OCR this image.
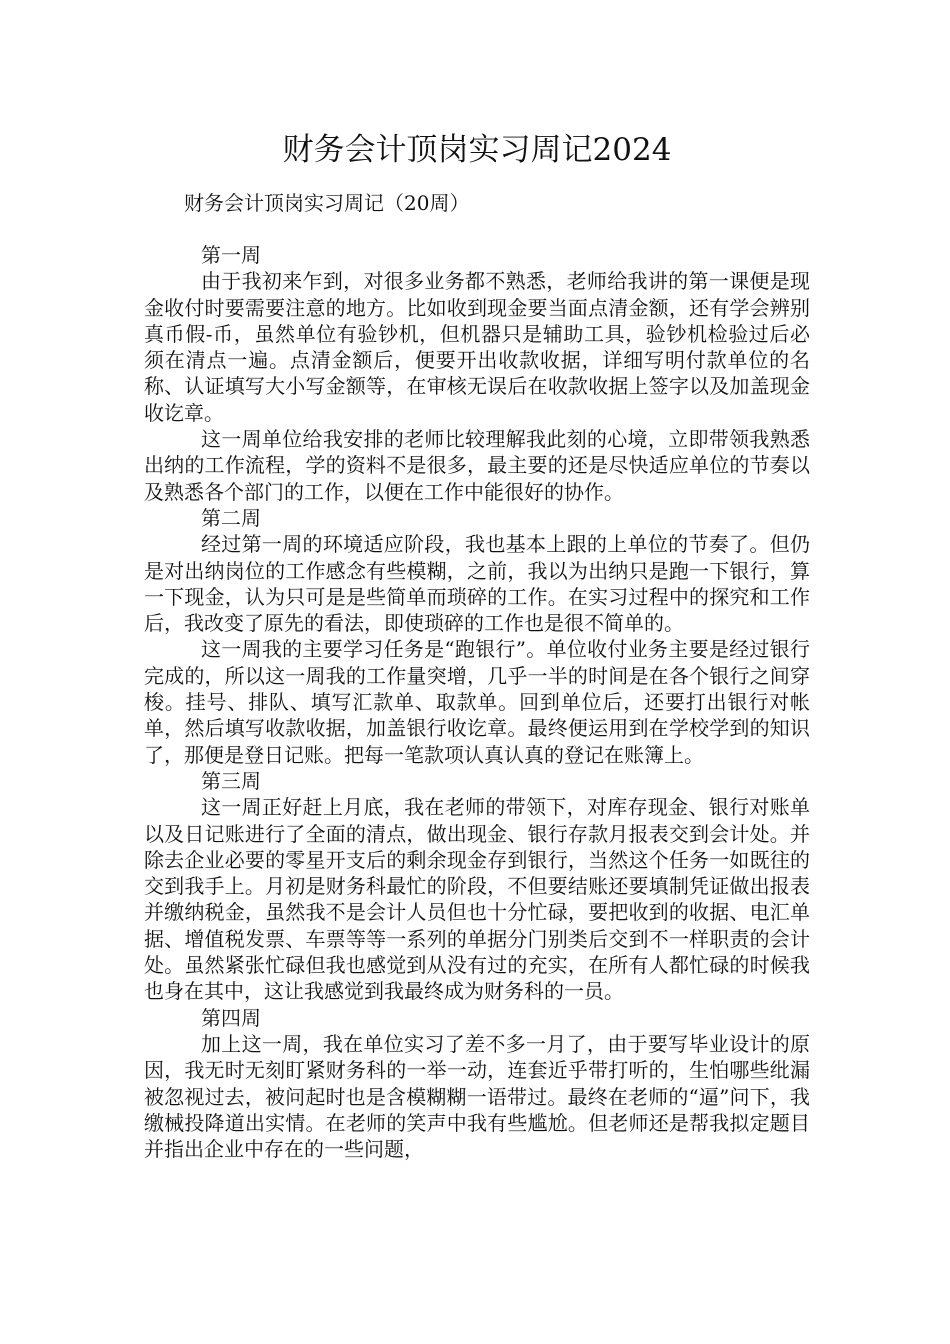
财务会计顶岗实习周记2024
财务会计顶岗实习周记（20周）

第一周

由于我初来乍到，对很多业务都不熟悉，老师给我讲的第一课便是现金收付时要需要注意的地方。比如收到现金要当面点清金额，还有学会辨别真币假-币，虽然单位有验钞机，但机器只是辅助工具，验钞机检验过后必须在清点一遍。点清金额后，便要开出收款收据，详细写明付款单位的名称、认证填写大小写金额等，在审核无误后在收款收据上签字以及加盖现金收讫章。

这一周单位给我安排的老师比较理解我此刻的心境，立即带领我熟悉出纳的工作流程，学的资料不是很多，最主要的还是尽快适应单位的节奏以及熟悉各个部门的工作，以便在工作中能很好的协作。

第二周

经过第一周的环境适应阶段，我也基本上跟的上单位的节奏了。但仍是对出纳岗位的工作感念有些模糊，之前，我以为出纳只是跑一下银行，算一下现金，认为只可是是些简单而琐碎的工作。在实习过程中的探究和工作后，我改变了原先的看法，即使琐碎的工作也是很不简单的。

这一周我的主要学习任务是“跑银行”。单位收付业务主要是经过银行完成的，所以这一周我的工作量突增，几乎一半的时间是在各个银行之间穿梭。挂号、排队、填写汇款单、取款单。回到单位后，还要打出银行对帐单，然后填写收款收据，加盖银行收讫章。最终便运用到在学校学到的知识了，那便是登日记账。把每一笔款项认真认真的登记在账簿上。

第三周

这一周正好赶上月底，我在老师的带领下，对库存现金、银行对账单以及日记账进行了全面的清点，做出现金、银行存款月报表交到会计处。并除去企业必要的零星开支后的剩余现金存到银行，当然这个任务一如既往的交到我手上。月初是财务科最忙的阶段，不但要结账还要填制凭证做出报表并缴纳税金，虽然我不是会计人员但也十分忙碌，要把收到的收据、电汇单据、增值税发票、车票等等一系列的单据分门别类后交到不一样职责的会计处。虽然紧张忙碌但我也感觉到从没有过的充实，在所有人都忙碌的时候我也身在其中，这让我感觉到我最终成为财务科的一员。

第四周

加上这一周，我在单位实习了差不多一月了，由于要写毕业设计的原因，我无时无刻盯紧财务科的一举一动，连套近乎带打听的，生怕哪些纰漏被忽视过去，被问起时也是含模糊糊一语带过。最终在老师的“逼”问下，我缴械投降道出实情。在老师的笑声中我有些尴尬。但老师还是帮我拟定题目并指出企业中存在的一些问题，
